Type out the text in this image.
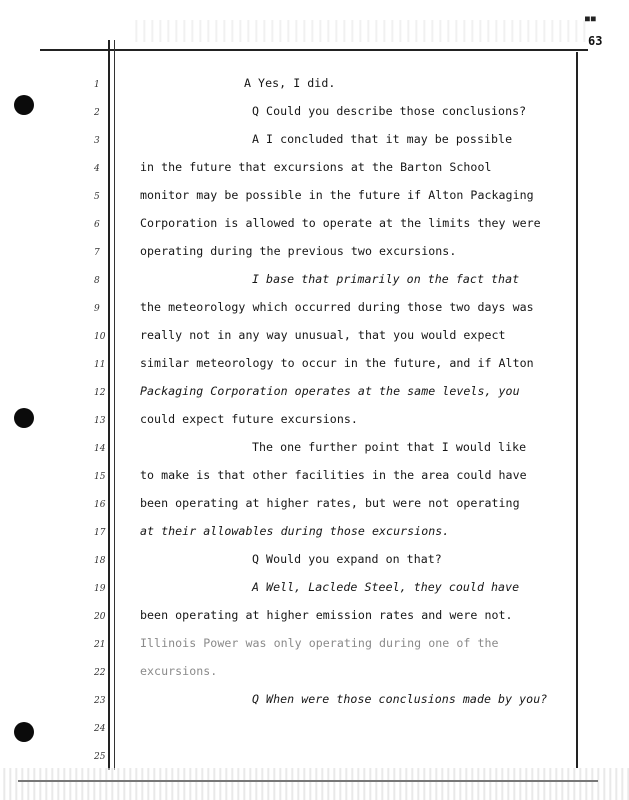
■■
63
1
2
3
4
5
6
7
8
9
10
11
12
13
14
15
16
17
18
19
20
21
22
23
24
25
A Yes, I did.
Q Could you describe those conclusions?
A I concluded that it may be possible
in the future that excursions at the Barton School
monitor may be possible in the future if Alton Packaging
Corporation is allowed to operate at the limits they were
operating during the previous two excursions.
I base that primarily on the fact that
the meteorology which occurred during those two days was
really not in any way unusual, that you would expect
similar meteorology to occur in the future, and if Alton
Packaging Corporation operates at the same levels, you
could expect future excursions.
The one further point that I would like
to make is that other facilities in the area could have
been operating at higher rates, but were not operating
at their allowables during those excursions.
Q Would you expand on that?
A Well, Laclede Steel, they could have
been operating at higher emission rates and were not.
Illinois Power was only operating during one of the
excursions.
Q When were those conclusions made by you?
